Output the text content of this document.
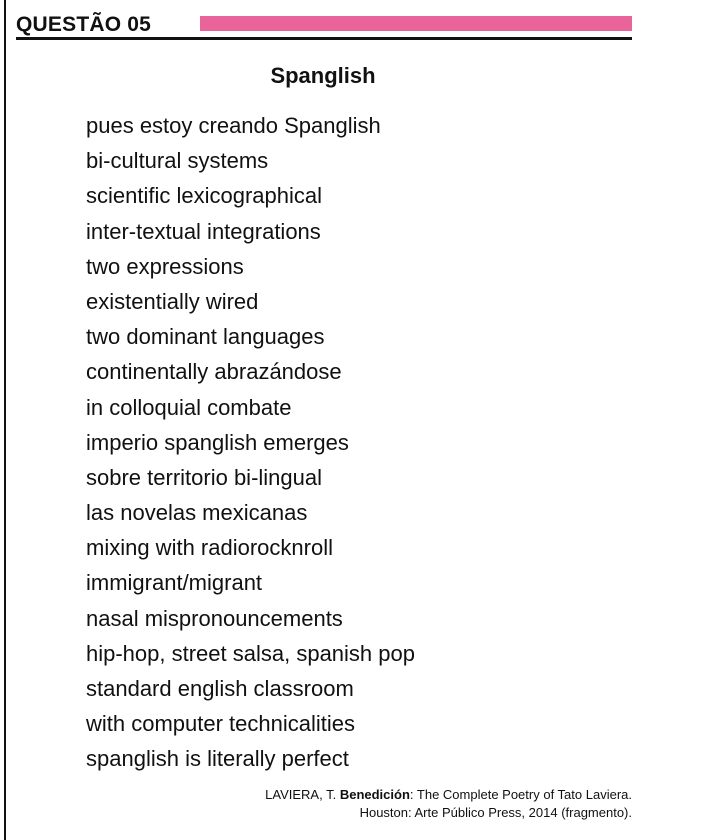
QUESTÃO 05
Spanglish
pues estoy creando Spanglish
bi-cultural systems
scientific lexicographical
inter-textual integrations
two expressions
existentially wired
two dominant languages
continentally abrazándose
in colloquial combate
imperio spanglish emerges
sobre territorio bi-lingual
las novelas mexicanas
mixing with radiorocknroll
immigrant/migrant
nasal mispronouncements
hip-hop, street salsa, spanish pop
standard english classroom
with computer technicalities
spanglish is literally perfect
LAVIERA, T. Benedición: The Complete Poetry of Tato Laviera.
Houston: Arte Público Press, 2014 (fragmento).
